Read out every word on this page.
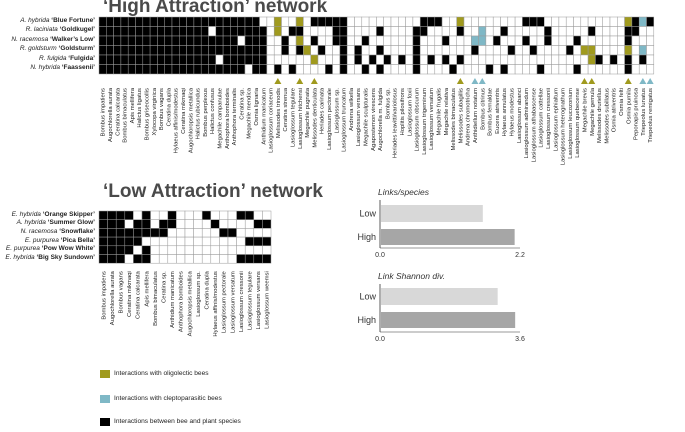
‘High Attraction’ network
‘Low Attraction’ network
A. hybrida ‘Blue Fortune’
R. laciniata ‘Goldkugel’
N. racemosa ‘Walker’s Low’
R. goldsturm ‘Goldsturm’
R. fulgida ‘Fulgida’
N. hybrida ‘Faassenii’
E. hybrida ‘Orange Skipper’
A. hybrida ‘Summer Glow’
N. racemosa ‘Snowflake’
E. purpurea ‘Pica Bella’
E. purpurea ‘Pow Wow White’
E. hybrida ‘Big Sky Sundown’
Bombus impatiens Augochlorella aurata Ceratina calcarata Bombus bimaculatus Apis mellifera Halictus ligatus Bombus griseocollis Xylocopa virginica Bombus vagans Ceratina dupla Hylaeus affinis/modestus Ceratina mikmaqi Augochloropsis metallica Halictus rubicundus Bombus perplexus Halictus confusus Megachile campanulae Anthophora bomboides Anthophora terminalis Ceratina sp. Megachile mendica Osmia lignaria Anthidium manicatum Lasioglossum coriaceum Melissodes trinodis Ceratina strenua Lasioglossum tegulare Lasioglossum hitchensi Megachile pugnata Melissodes denticulata Heriades carinata Lasioglossum pectorale Lasioglossum sp. Lasioglossum truncatum Andrena wilkella Lasioglossum versans Megachile sculpturalis Agapostemon virescens Augochlorella m. fulgida Bombus sp. Heriades leavitti/variolosus Hoplitis pilosifrons Lasioglossum foxii Lasioglossum obscurum Lasioglossum trigeminum Lasioglossum versatum Megachile frugalis Megachile relativa Melissodes bimaculatus Melissodes subagillis Andrena chromotricha Anthidiellum notatum Bombus citrinus Bombus fernaldae Eucera atriventris Hylaeus annulatus Hylaeus modestus Lasioglossum abanci Lasioglossum admirandum Lasioglossum athabascense Lasioglossum cattellae Lasioglossum cressonii Lasioglossum ephialtum Lasioglossum heterognathum Lasioglossum leucozonium Lasioglossum quebecense Megachile brevis Megachile gemula Melissodes druriellus Melissodes subillatus Osmia atriventris Osmia felti Osmia pumila Peponapis pruinosa Triepeolus lunatus Triepeolus remigatus
Bombus impatiens Augochlorella aurata Bombus vagans Ceratina mikmaqi Ceratina calcarata Apis mellifera Bombus bimaculatus Ceratina sp. Anthidium manicatum Anthophora bomboides Augochloropsis metallica Lasioglossum sp. Ceratina dupla Hylaeus affinis/modestus Lasioglossum pectorale Lasioglossum versatum Lasioglossum cressonii Lasioglossum tegulare Lasioglossum versans Lasioglossum weemsi
Links/species
Link Shannon div.
Low
High
0.0	2.2
Low
High
0.0	3.6
Interactions with oligolectic bees
Interactions with cleptoparasitic bees
Interactions between bee and plant species
